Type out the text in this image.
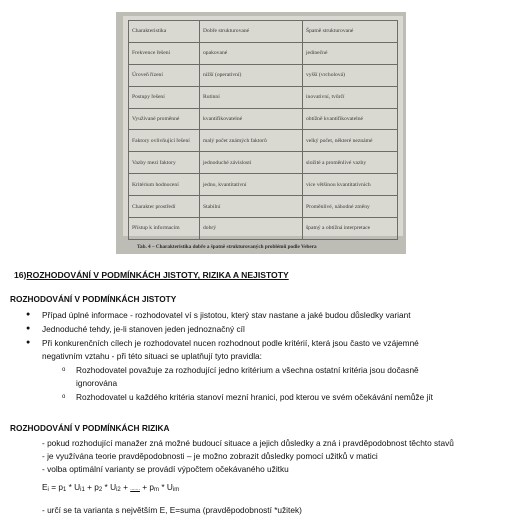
Charakteristika	Dobře strukturované	Špatně strukturované
Frekvence řešení	opakované	jedinečné
Úroveň řízení	nižší (operativní)	vyšší (vrcholová)
Postupy řešení	Rutinní	inovativní, tvůrčí
Využívané proměnné	kvantifikovatelné	obtížně kvantifikovatelné
Faktory ovlivňující řešení	malý počet známých faktorů	velký počet, některé neznámé
Vazby mezi faktory	jednoduché závislosti	složité a proměnlivé vazby
Kritérium hodnocení	jedno, kvantitativní	více většinou kvantitativních
Charakter prostředí	Stabilní	Proměnlivé, náhodné změny
Přístup k informacím	dobrý	špatný a obtížná interpretace
Tab. 4 – Charakteristika dobře a špatně strukturovaných problémů podle Vebera
16)ROZHODOVÁNÍ V PODMÍNKÁCH JISTOTY, RIZIKA A NEJISTOTY
ROZHODOVÁNÍ V PODMÍNKÁCH JISTOTY
● Případ úplné informace - rozhodovatel ví s jistotou, který stav nastane a jaké budou důsledky variant
● Jednoduché tehdy, je-li stanoven jeden jednoznačný cíl
● Při konkurenčních cílech je rozhodovatel nucen rozhodnout podle kritérií, která jsou často ve vzájemné
negativním vztahu - při této situaci se uplatňují tyto pravidla:
o Rozhodovatel považuje za rozhodující jedno kritérium a všechna ostatní kritéria jsou dočasně
ignorována
o Rozhodovatel u každého kritéria stanoví mezní hranici, pod kterou ve svém očekávání nemůže jít
ROZHODOVÁNÍ V PODMÍNKÁCH RIZIKA
- pokud rozhodující manažer zná možné budoucí situace a jejich důsledky a zná i pravděpodobnost těchto stavů
- je využívána teorie pravděpodobnosti – je možno zobrazit důsledky pomocí užitků v matici
- volba optimální varianty se provádí výpočtem očekávaného užitku
Ei = p1 * Ui1 + p2 * Ui2 + ....... + pm * Uim
- určí se ta varianta s největším E, E=suma (pravděpodobností *užitek)
